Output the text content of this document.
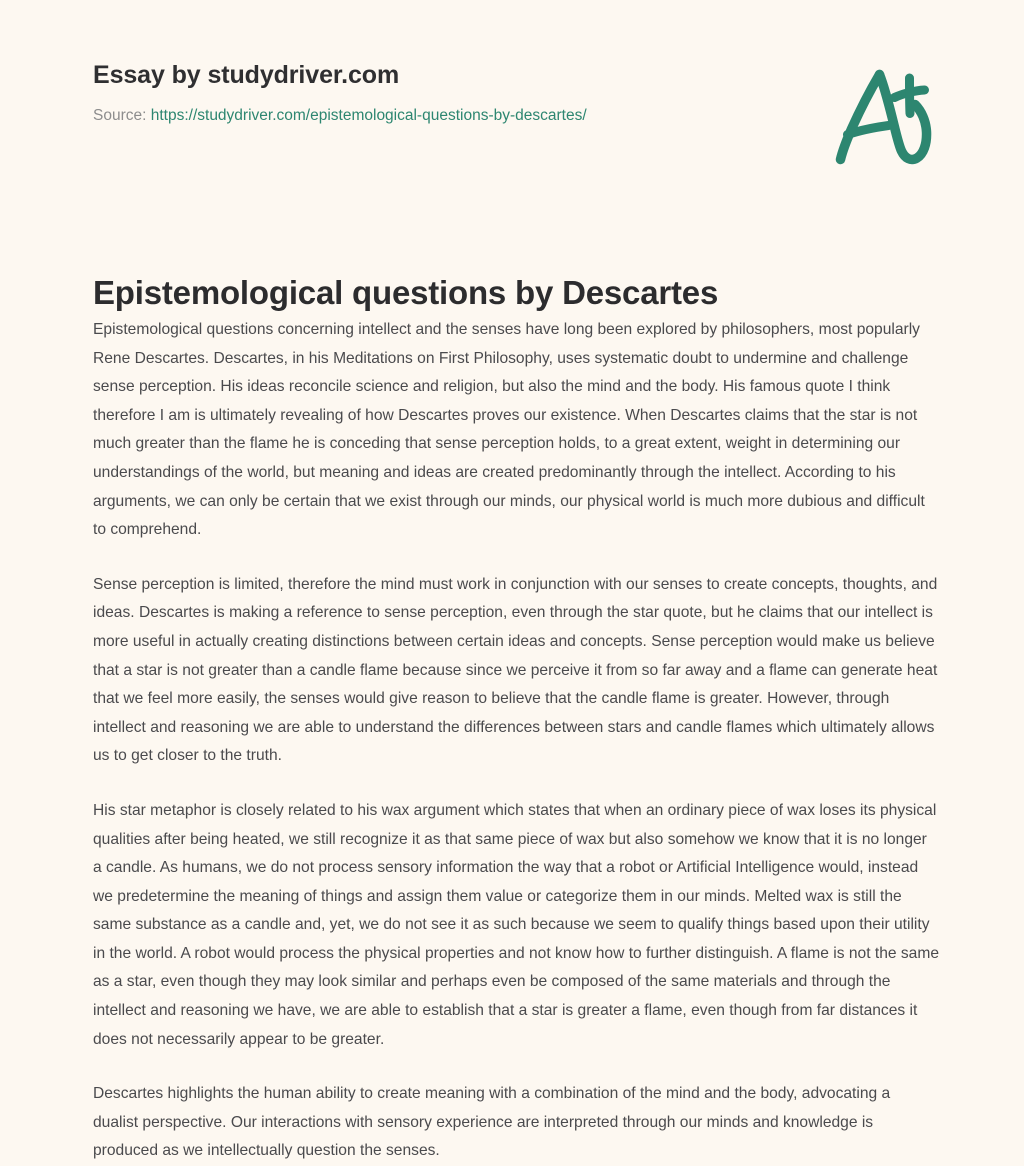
Essay by studydriver.com
Source: https://studydriver.com/epistemological-questions-by-descartes/
Epistemological questions by Descartes

Epistemological questions concerning intellect and the senses have long been explored by philosophers, most popularly Rene Descartes. Descartes, in his Meditations on First Philosophy, uses systematic doubt to undermine and challenge sense perception. His ideas reconcile science and religion, but also the mind and the body. His famous quote I think therefore I am is ultimately revealing of how Descartes proves our existence. When Descartes claims that the star is not much greater than the flame he is conceding that sense perception holds, to a great extent, weight in determining our understandings of the world, but meaning and ideas are created predominantly through the intellect. According to his arguments, we can only be certain that we exist through our minds, our physical world is much more dubious and difficult to comprehend.

Sense perception is limited, therefore the mind must work in conjunction with our senses to create concepts, thoughts, and ideas. Descartes is making a reference to sense perception, even through the star quote, but he claims that our intellect is more useful in actually creating distinctions between certain ideas and concepts. Sense perception would make us believe that a star is not greater than a candle flame because since we perceive it from so far away and a flame can generate heat that we feel more easily, the senses would give reason to believe that the candle flame is greater. However, through intellect and reasoning we are able to understand the differences between stars and candle flames which ultimately allows us to get closer to the truth.

His star metaphor is closely related to his wax argument which states that when an ordinary piece of wax loses its physical qualities after being heated, we still recognize it as that same piece of wax but also somehow we know that it is no longer a candle. As humans, we do not process sensory information the way that a robot or Artificial Intelligence would, instead we predetermine the meaning of things and assign them value or categorize them in our minds. Melted wax is still the same substance as a candle and, yet, we do not see it as such because we seem to qualify things based upon their utility in the world. A robot would process the physical properties and not know how to further distinguish. A flame is not the same as a star, even though they may look similar and perhaps even be composed of the same materials and through the intellect and reasoning we have, we are able to establish that a star is greater a flame, even though from far distances it does not necessarily appear to be greater.

Descartes highlights the human ability to create meaning with a combination of the mind and the body, advocating a dualist perspective. Our interactions with sensory experience are interpreted through our minds and knowledge is produced as we intellectually question the senses.
